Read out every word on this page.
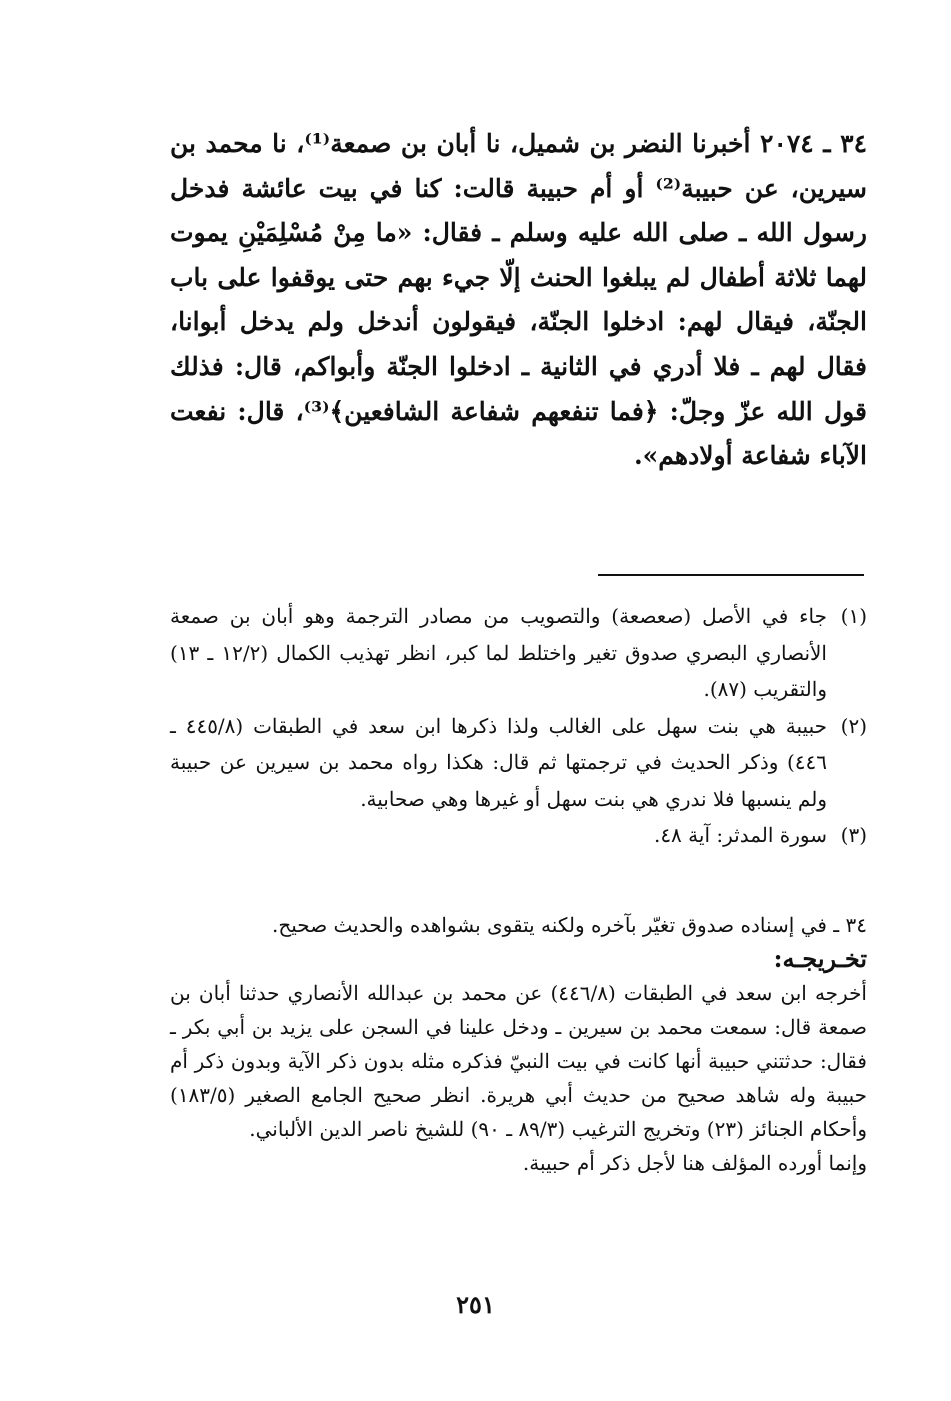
٣٤ ـ ٢٠٧٤ أخبرنا النضر بن شميل، نا أبان بن صمعة⁽¹⁾، نا محمد بن سيرين، عن حبيبة⁽²⁾ أو أم حبيبة قالت: كنا في بيت عائشة فدخل رسول الله ـ صلى الله عليه وسلم ـ فقال: «ما مِنْ مُسْلِمَيْنِ يموت لهما ثلاثة أطفال لم يبلغوا الحنث إلّا جيء بهم حتى يوقفوا على باب الجنّة، فيقال لهم: ادخلوا الجنّة، فيقولون أندخل ولم يدخل أبوانا، فقال لهم ـ فلا أدري في الثانية ـ ادخلوا الجنّة وأبواكم، قال: فذلك قول الله عزّ وجلّ: ﴿فما تنفعهم شفاعة الشافعين﴾⁽³⁾، قال: نفعت الآباء شفاعة أولادهم».

(١)
جاء في الأصل (صعصعة) والتصويب من مصادر الترجمة وهو أبان بن صمعة الأنصاري البصري صدوق تغير واختلط لما كبر، انظر تهذيب الكمال (١٢/٢ ـ ١٣) والتقريب (٨٧).
(٢)
حبيبة هي بنت سهل على الغالب ولذا ذكرها ابن سعد في الطبقات (٤٤٥/٨ ـ ٤٤٦) وذكر الحديث في ترجمتها ثم قال: هكذا رواه محمد بن سيرين عن حبيبة ولم ينسبها فلا ندري هي بنت سهل أو غيرها وهي صحابية.
(٣)
سورة المدثر: آية ٤٨.

٣٤ ـ في إسناده صدوق تغيّر بآخره ولكنه يتقوى بشواهده والحديث صحيح.

تخـريجـه:

أخرجه ابن سعد في الطبقات (٤٤٦/٨) عن محمد بن عبدالله الأنصاري حدثنا أبان بن صمعة قال: سمعت محمد بن سيرين ـ ودخل علينا في السجن على يزيد بن أبي بكر ـ فقال: حدثتني حبيبة أنها كانت في بيت النبيّ فذكره مثله بدون ذكر الآية وبدون ذكر أم حبيبة وله شاهد صحيح من حديث أبي هريرة. انظر صحيح الجامع الصغير (١٨٣/٥) وأحكام الجنائز (٢٣) وتخريج الترغيب (٨٩/٣ ـ ٩٠) للشيخ ناصر الدين الألباني.

وإنما أورده المؤلف هنا لأجل ذكر أم حبيبة.

٢٥١
